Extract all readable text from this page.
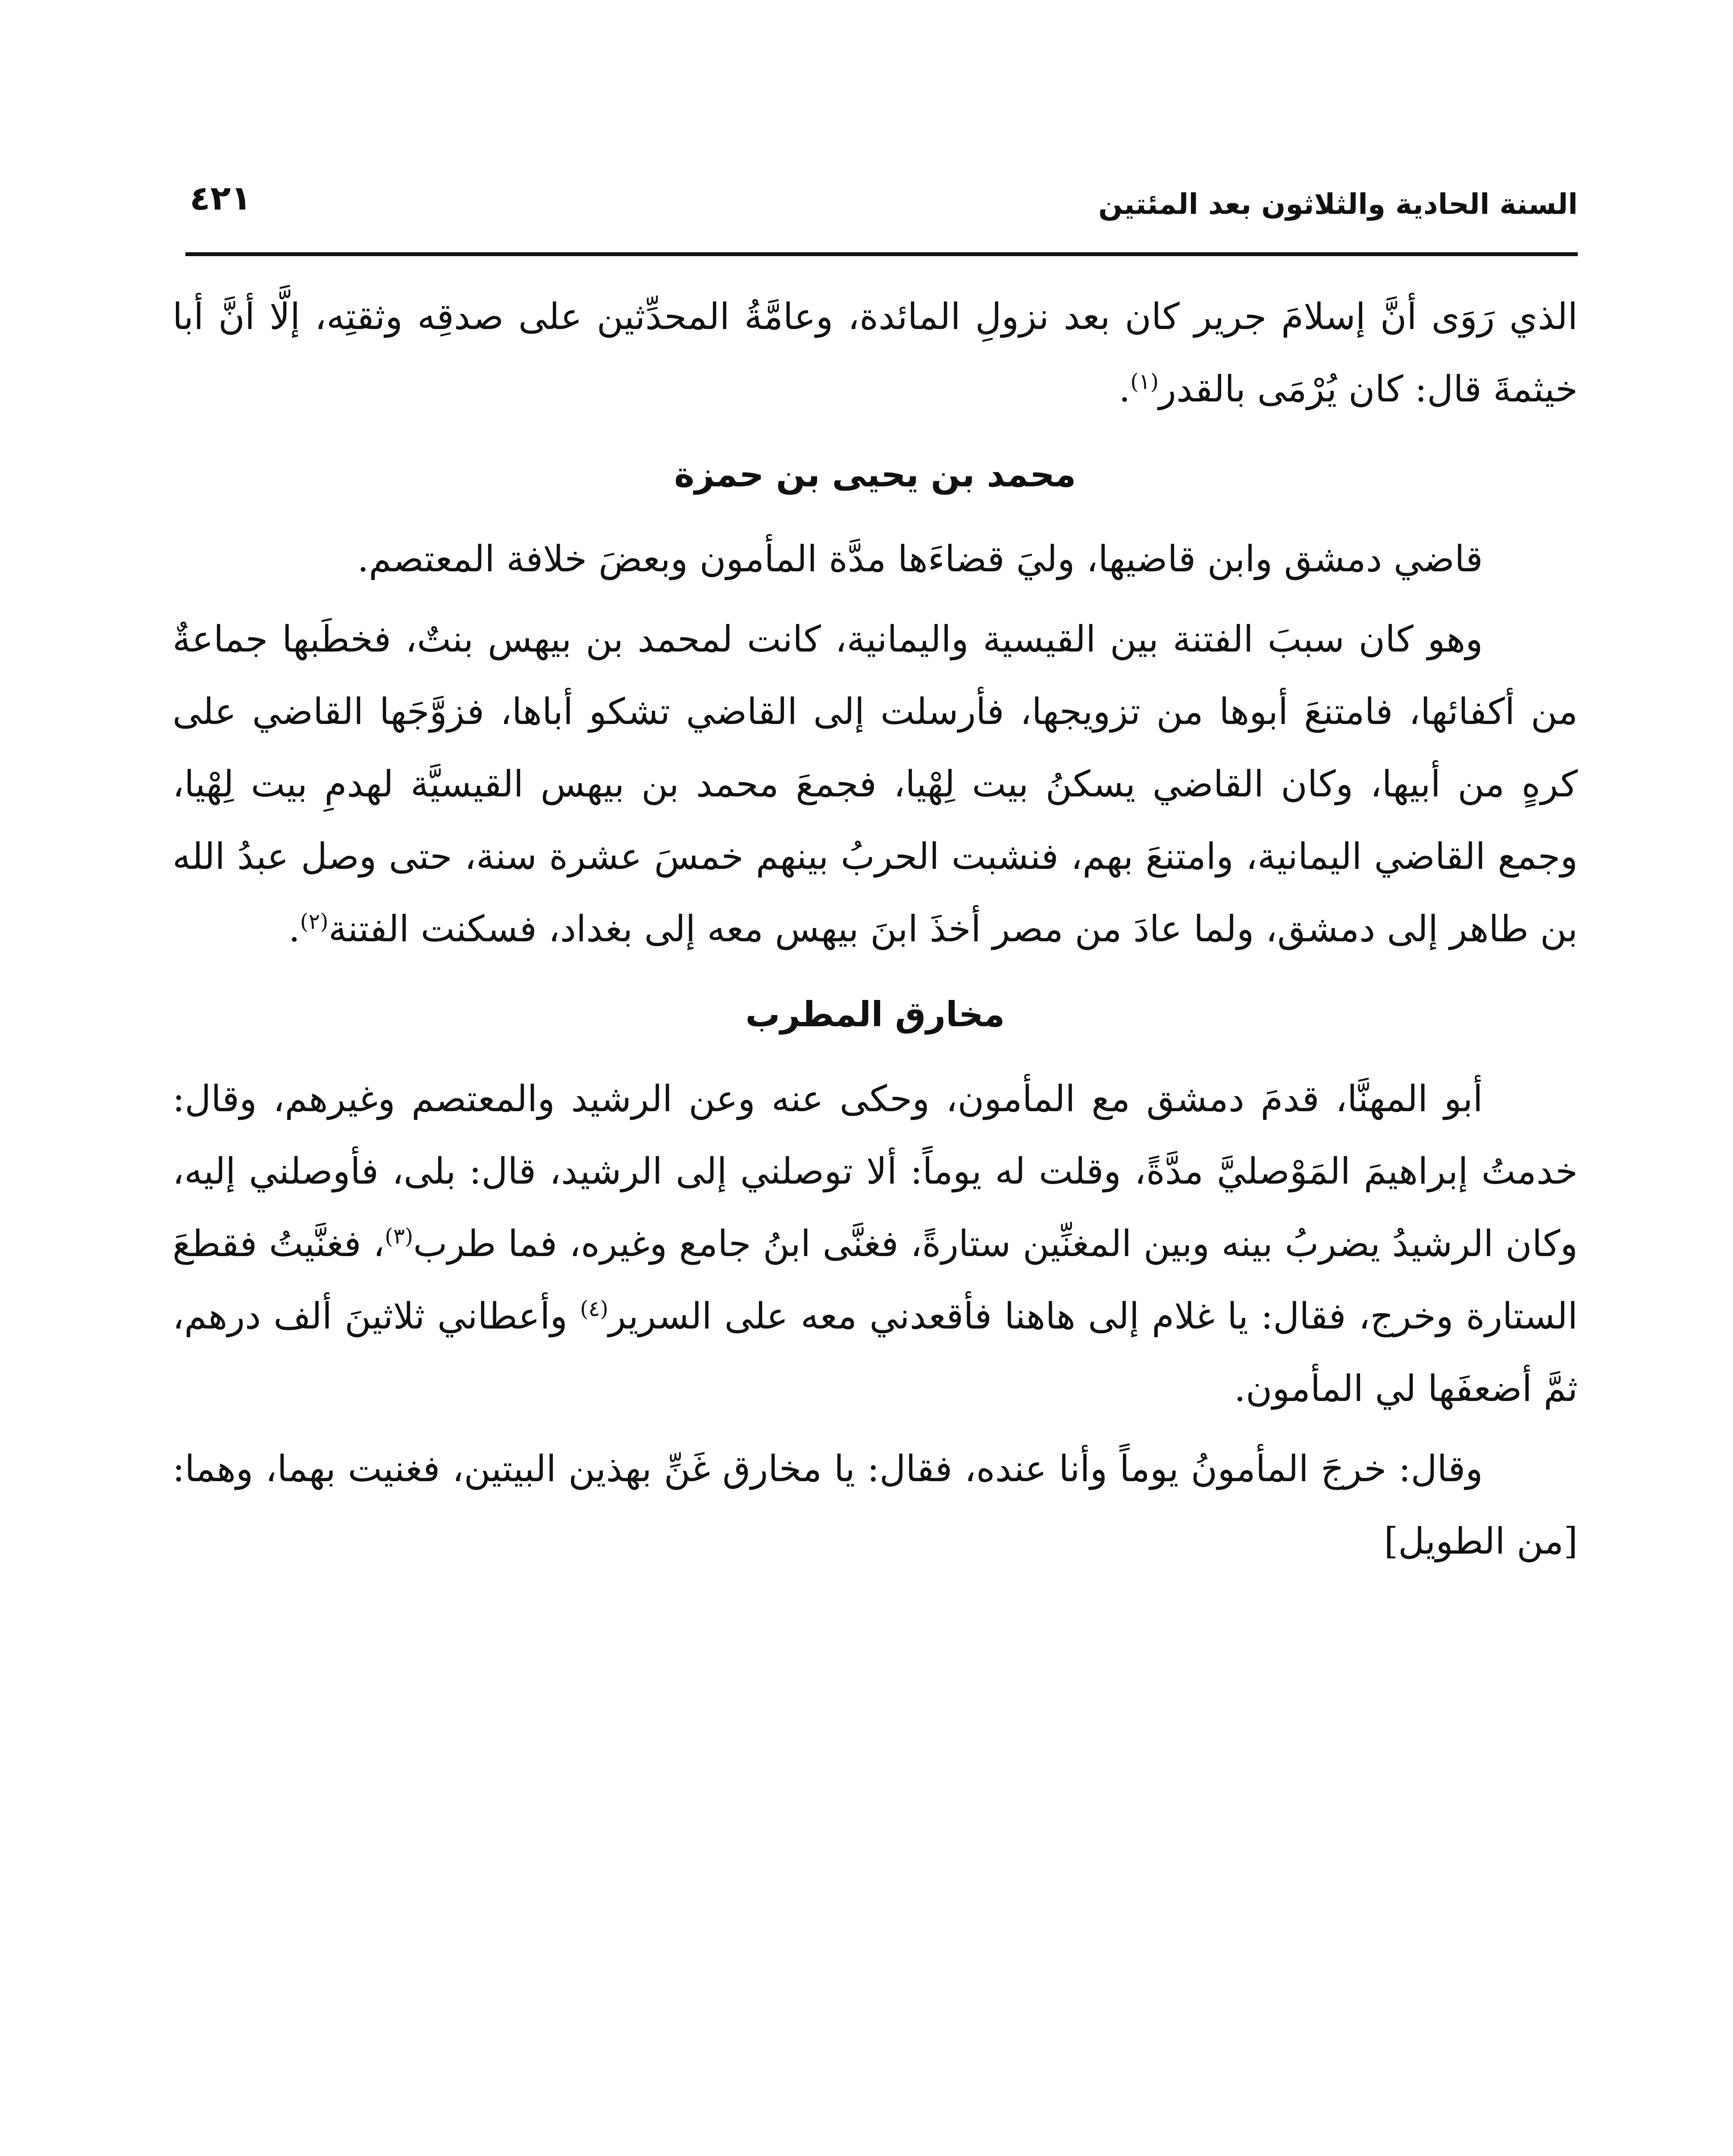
السنة الحادية والثلاثون بعد المئتين
٤٢١

الذي رَوَى أنَّ إسلامَ جرير كان بعد نزولِ المائدة، وعامَّةُ المحدِّثين على صدقِه وثقتِه، إلَّا أنَّ أبا خيثمةَ قال: كان يُرْمَى بالقدر$^{(١)}$.

محمد بن يحيى بن حمزة

قاضي دمشق وابن قاضيها، وليَ قضاءَها مدَّة المأمون وبعضَ خلافة المعتصم.

وهو كان سببَ الفتنة بين القيسية واليمانية، كانت لمحمد بن بيهس بنتٌ، فخطَبها جماعةٌ من أكفائها، فامتنعَ أبوها من تزويجها، فأرسلت إلى القاضي تشكو أباها، فزوَّجَها القاضي على كرهٍ من أبيها، وكان القاضي يسكنُ بيت لِهْيا، فجمعَ محمد بن بيهس القيسيَّة لهدمِ بيت لِهْيا، وجمع القاضي اليمانية، وامتنعَ بهم، فنشبت الحربُ بينهم خمسَ عشرة سنة، حتى وصل عبدُ الله بن طاهر إلى دمشق، ولما عادَ من مصر أخذَ ابنَ بيهس معه إلى بغداد، فسكنت الفتنة$^{(٢)}$.

مخارق المطرب

أبو المهنَّا، قدمَ دمشق مع المأمون، وحكى عنه وعن الرشيد والمعتصم وغيرهم، وقال: خدمتُ إبراهيمَ المَوْصليَّ مدَّةً، وقلت له يوماً: ألا توصلني إلى الرشيد، قال: بلى، فأوصلني إليه، وكان الرشيدُ يضربُ بينه وبين المغنِّين ستارةً، فغنَّى ابنُ جامع وغيره، فما طرب$^{(٣)}$، فغنَّيتُ فقطعَ الستارة وخرج، فقال: يا غلام إلى هاهنا فأقعدني معه على السرير$^{(٤)}$ وأعطاني ثلاثينَ ألف درهم، ثمَّ أضعفَها لي المأمون.

وقال: خرجَ المأمونُ يوماً وأنا عنده، فقال: يا مخارق غَنِّ بهذين البيتين، فغنيت بهما، وهما: [من الطويل]
